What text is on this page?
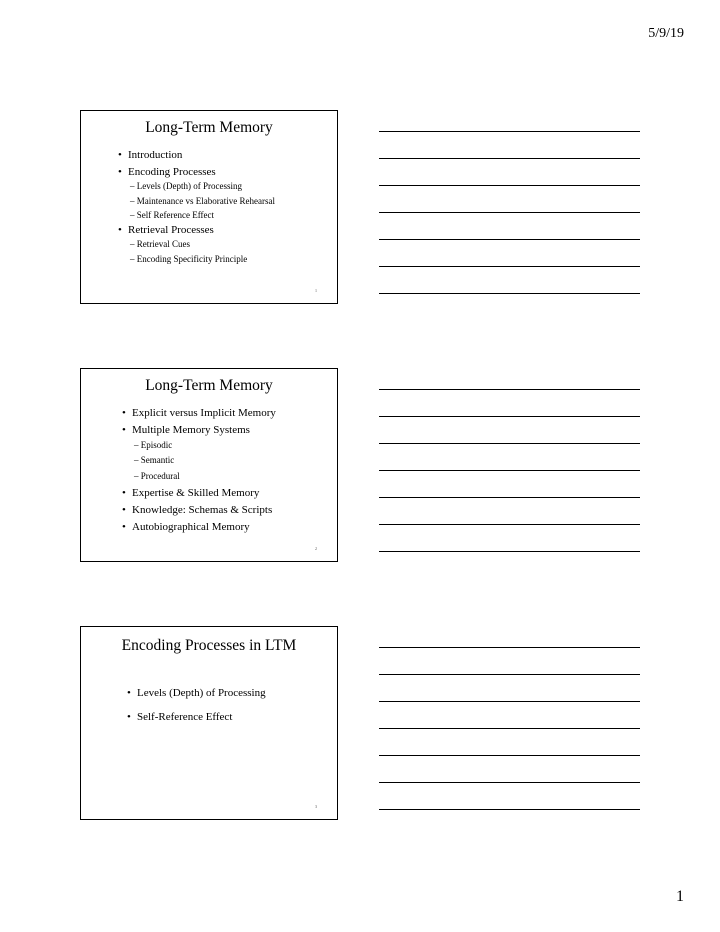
5/9/19
Long-Term Memory
• Introduction
• Encoding Processes
– Levels (Depth) of Processing
– Maintenance vs Elaborative Rehearsal
– Self Reference Effect
• Retrieval Processes
– Retrieval Cues
– Encoding Specificity Principle
1
Long-Term Memory
• Explicit versus Implicit Memory
• Multiple Memory Systems
– Episodic
– Semantic
– Procedural
• Expertise & Skilled Memory
• Knowledge: Schemas & Scripts
• Autobiographical Memory
2
Encoding Processes in LTM
• Levels (Depth) of Processing
• Self-Reference Effect
3
1
